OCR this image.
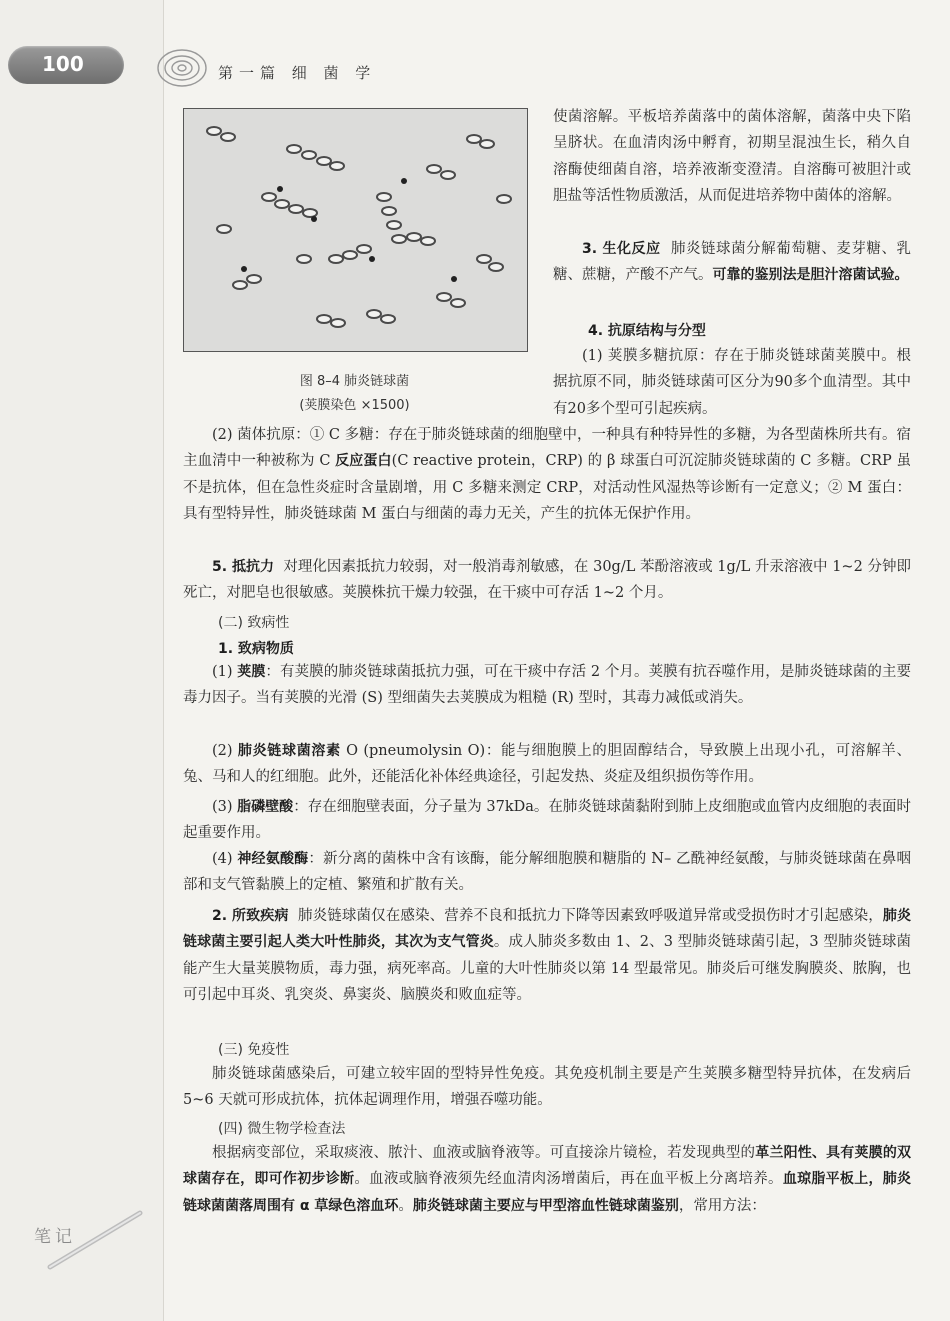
100	第一篇 细 菌 学
图 8–4 肺炎链球菌
(荚膜染色 ×1500)
使菌溶解。平板培养菌落中的菌体溶解，菌落中央下陷呈脐状。在血清肉汤中孵育，初期呈混浊生长，稍久自溶酶使细菌自溶，培养液渐变澄清。自溶酶可被胆汁或胆盐等活性物质激活，从而促进培养物中菌体的溶解。
3. 生化反应 肺炎链球菌分解葡萄糖、麦芽糖、乳糖、蔗糖，产酸不产气。可靠的鉴别法是胆汁溶菌试验。
4. 抗原结构与分型
(1) 荚膜多糖抗原：存在于肺炎链球菌荚膜中。根据抗原不同，肺炎链球菌可区分为90多个血清型。其中有20多个型可引起疾病。
(2) 菌体抗原：① C 多糖：存在于肺炎链球菌的细胞壁中，一种具有种特异性的多糖，为各型菌株所共有。宿主血清中一种被称为 C 反应蛋白(C reactive protein，CRP) 的 β 球蛋白可沉淀肺炎链球菌的 C 多糖。CRP 虽不是抗体，但在急性炎症时含量剧增，用 C 多糖来测定 CRP，对活动性风湿热等诊断有一定意义；② M 蛋白：具有型特异性，肺炎链球菌 M 蛋白与细菌的毒力无关，产生的抗体无保护作用。
5. 抵抗力 对理化因素抵抗力较弱，对一般消毒剂敏感，在 30g/L 苯酚溶液或 1g/L 升汞溶液中 1~2 分钟即死亡，对肥皂也很敏感。荚膜株抗干燥力较强，在干痰中可存活 1~2 个月。
(二) 致病性
1. 致病物质
(1) 荚膜：有荚膜的肺炎链球菌抵抗力强，可在干痰中存活 2 个月。荚膜有抗吞噬作用，是肺炎链球菌的主要毒力因子。当有荚膜的光滑 (S) 型细菌失去荚膜成为粗糙 (R) 型时，其毒力减低或消失。
(2) 肺炎链球菌溶素 O (pneumolysin O)：能与细胞膜上的胆固醇结合，导致膜上出现小孔，可溶解羊、兔、马和人的红细胞。此外，还能活化补体经典途径，引起发热、炎症及组织损伤等作用。
(3) 脂磷壁酸：存在细胞壁表面，分子量为 37kDa。在肺炎链球菌黏附到肺上皮细胞或血管内皮细胞的表面时起重要作用。
(4) 神经氨酸酶：新分离的菌株中含有该酶，能分解细胞膜和糖脂的 N– 乙酰神经氨酸，与肺炎链球菌在鼻咽部和支气管黏膜上的定植、繁殖和扩散有关。
2. 所致疾病 肺炎链球菌仅在感染、营养不良和抵抗力下降等因素致呼吸道异常或受损伤时才引起感染，肺炎链球菌主要引起人类大叶性肺炎，其次为支气管炎。成人肺炎多数由 1、2、3 型肺炎链球菌引起，3 型肺炎链球菌能产生大量荚膜物质，毒力强，病死率高。儿童的大叶性肺炎以第 14 型最常见。肺炎后可继发胸膜炎、脓胸，也可引起中耳炎、乳突炎、鼻窦炎、脑膜炎和败血症等。
(三) 免疫性
肺炎链球菌感染后，可建立较牢固的型特异性免疫。其免疫机制主要是产生荚膜多糖型特异抗体，在发病后 5~6 天就可形成抗体，抗体起调理作用，增强吞噬功能。
(四) 微生物学检查法
根据病变部位，采取痰液、脓汁、血液或脑脊液等。可直接涂片镜检，若发现典型的革兰阳性、具有荚膜的双球菌存在，即可作初步诊断。血液或脑脊液须先经血清肉汤增菌后，再在血平板上分离培养。血琼脂平板上，肺炎链球菌菌落周围有 α 草绿色溶血环。肺炎链球菌主要应与甲型溶血性链球菌鉴别，常用方法：
笔记
